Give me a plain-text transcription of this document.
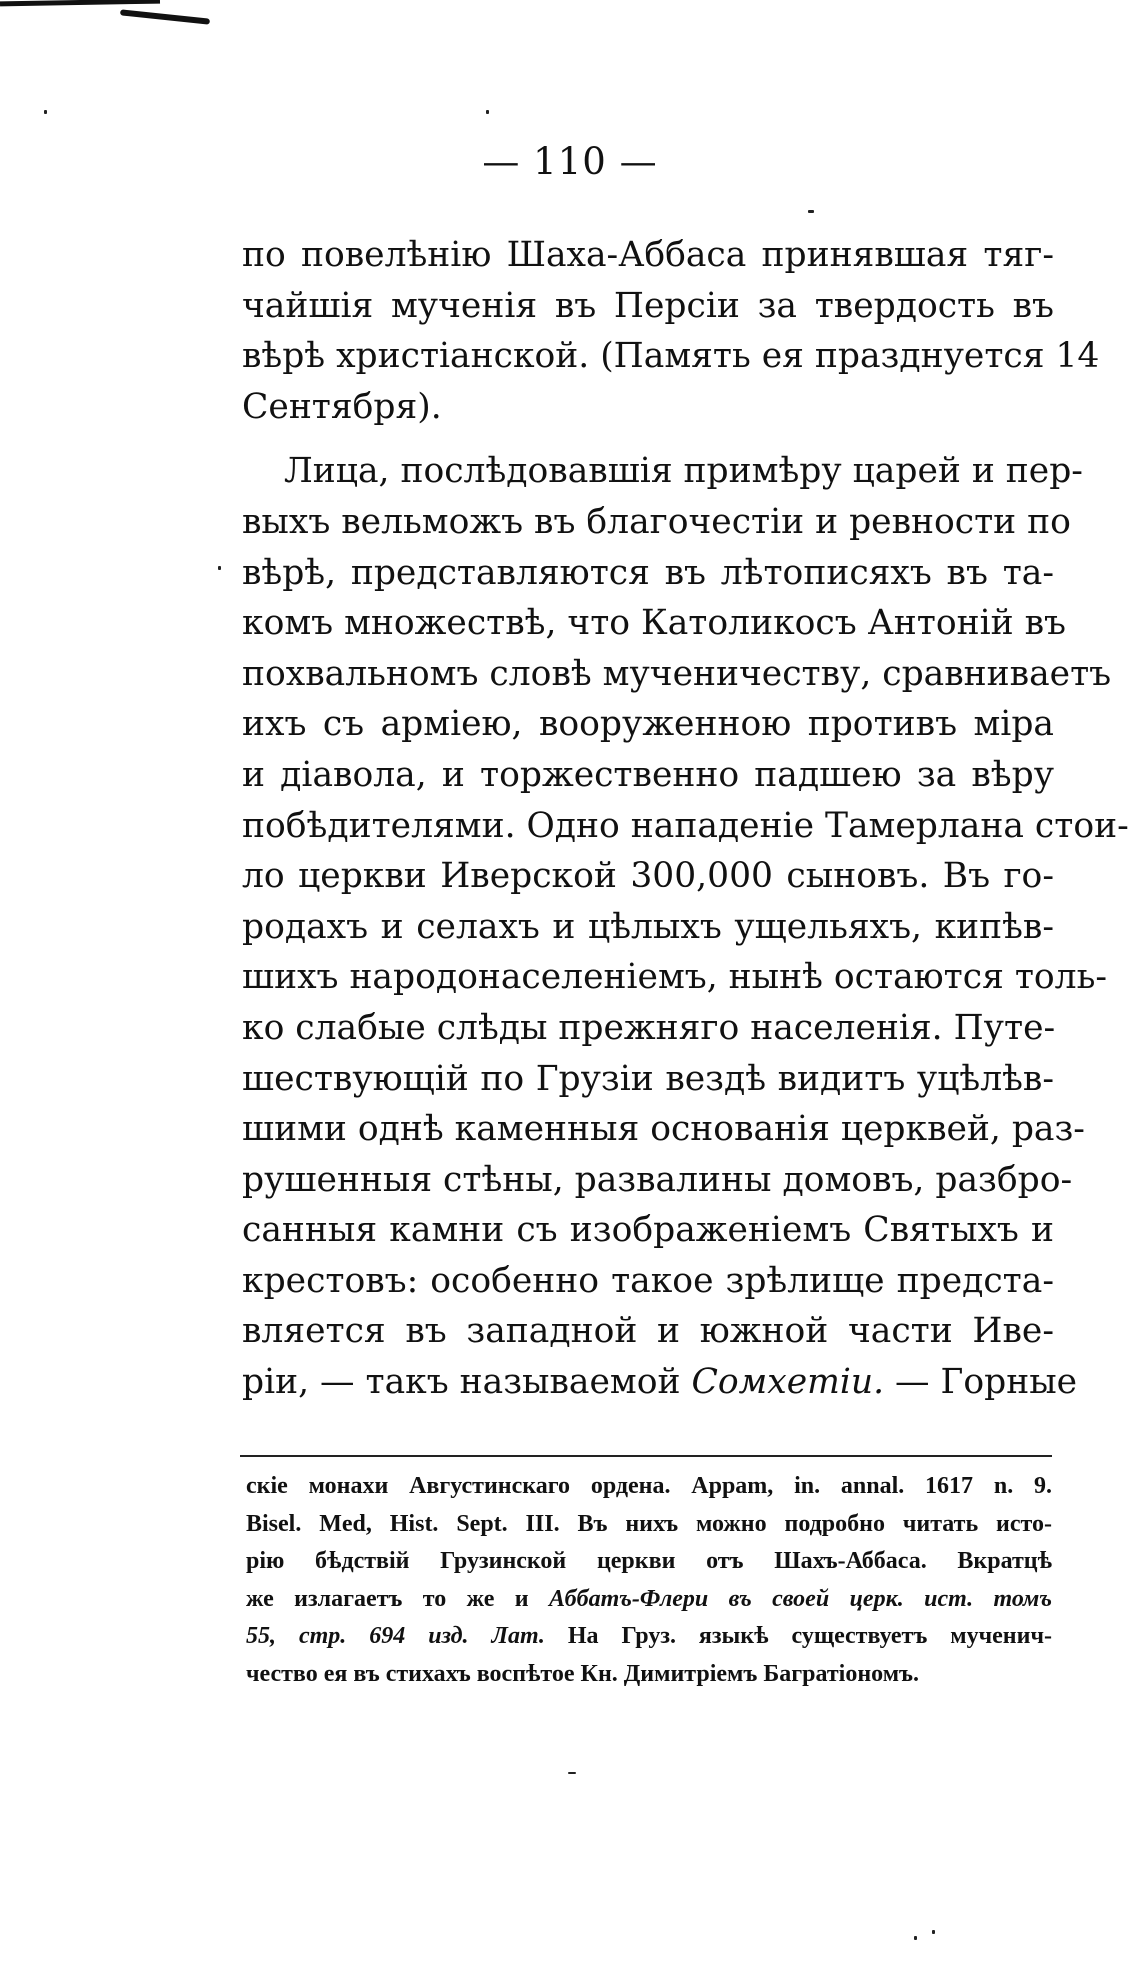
— 110 —
по повелѣнію Шаха-Аббаса принявшая тяг-
чайшія мученія въ Персіи за твердость въ
вѣрѣ христіанской. (Память ея празднуется 14
Сентября).
Лица, послѣдовавшія примѣру царей и пер-
выхъ вельможъ въ благочестіи и ревности по
вѣрѣ, представляются въ лѣтописяхъ въ та-
комъ множествѣ, что Католикосъ Антоній въ
похвальномъ словѣ мученичеству, сравниваетъ
ихъ съ арміею, вооруженною противъ міра
и діавола, и торжественно падшею за вѣру
побѣдителями. Одно нападеніе Тамерлана стои-
ло церкви Иверской 300,000 сыновъ. Въ го-
родахъ и селахъ и цѣлыхъ ущельяхъ, кипѣв-
шихъ народонаселеніемъ, нынѣ остаются толь-
ко слабые слѣды прежняго населенія. Путе-
шествующій по Грузіи вездѣ видитъ уцѣлѣв-
шими однѣ каменныя основанія церквей, раз-
рушенныя стѣны, развалины домовъ, разбро-
санныя камни съ изображеніемъ Святыхъ и
крестовъ: особенно такое зрѣлище предста-
вляется въ западной и южной части Иве-
ріи, — такъ называемой Сомхетіи. — Горные
скіе монахи Августинскаго ордена. Appam, in. annal. 1617 n. 9.
Bisel. Med, Hist. Sept. III. Въ нихъ можно подробно читать исто-
рію бѣдствій Грузинской церкви отъ Шахъ-Аббаса. Вкратцѣ
же излагаетъ то же и Аббатъ-Флери въ своей церк. ист. томъ
55, стр. 694 изд. Лат. На Груз. языкѣ существуетъ мученич-
чество ея въ стихахъ воспѣтое Кн. Димитріемъ Багратіономъ.
